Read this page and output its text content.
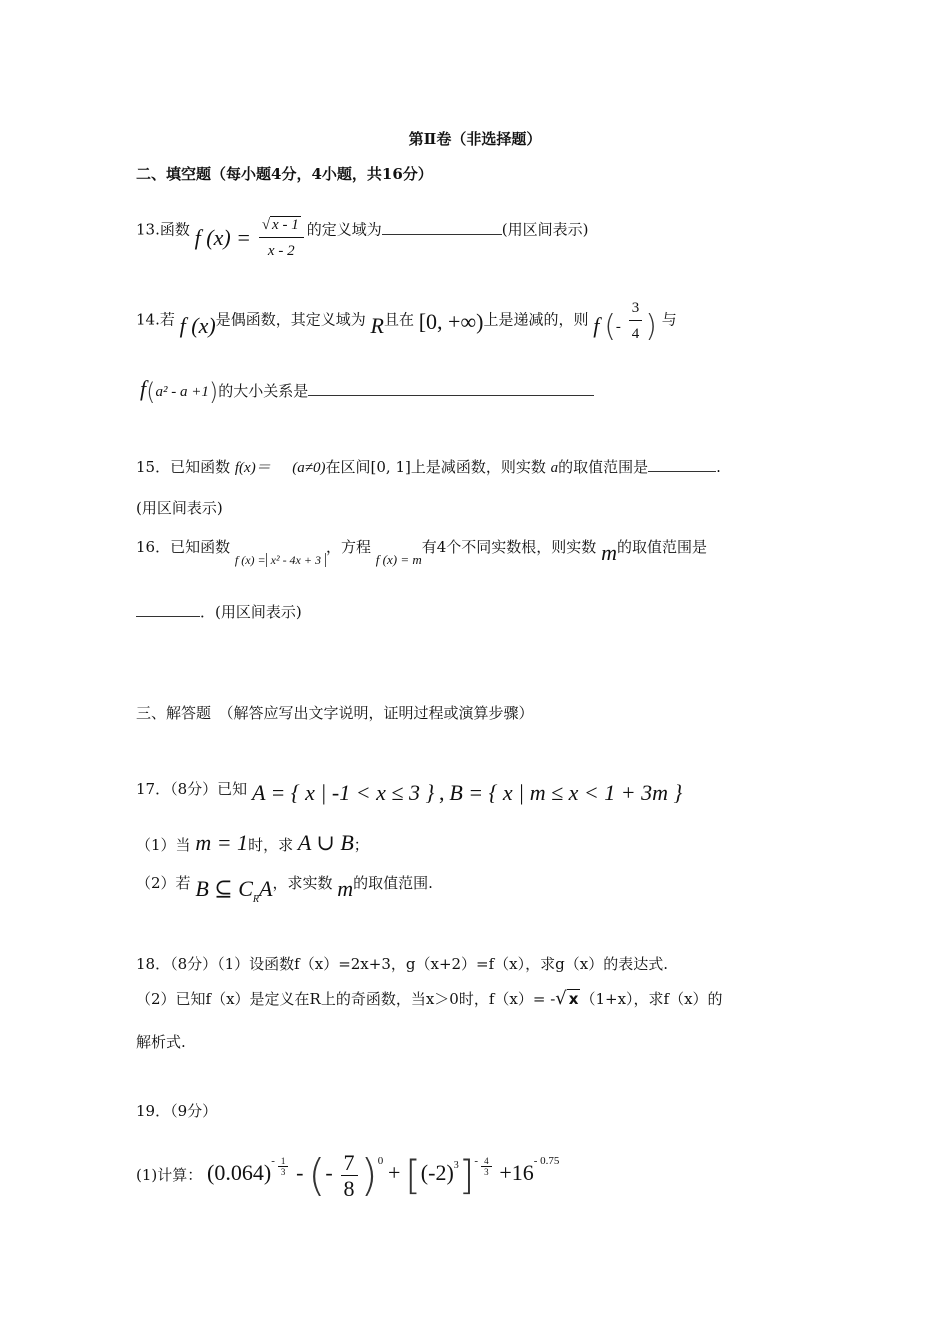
第Ⅱ卷（非选择题）
二、填空题（每小题4分，4小题，共16分）
13.函数 f $(x) = \frac{√ x - 1}{x - 2}$ 的定义域为	(用区间表示)
14.若 f (x)是偶函数，其定义域为 R且在 [0, +∞)上是递减的，则 f (- $\frac{3}{4}$ ) 与
f(a² - a +1)的大小关系是
15．已知函数 f(x)＝ (a≠0)在区间[0, 1]上是减函数，则实数 a的取值范围是	.
(用区间表示)
16．已知函数 $_{f (x) =}$ $_{x^2 - 4x + 3}$，方程 f (x) = m有4个不同实数根，则实数 m的取值范围是
．(用区间表示)
三、解答题　（解答应写出文字说明，证明过程或演算步骤）
17．（8分）已知 A = { x | -1 < x ≤ 3 } , B = { x | m ≤ x < 1 + 3m }
（1）当 m = 1时，求 A ∪ B；
（2）若 B ⊆ $C_RA$，求实数 m的取值范围.
18．（8分）（1）设函数f（x）=2x+3，g（x+2）=f（x），求g（x）的表达式.
（2）已知f（x）是定义在R上的奇函数，当x＞0时，f（x）= -√ x （1+x），求f（x）的
解析式.
19．（9分）
(1)计算： $(0.064)^{- \frac{1}{3}}$ - (- $\frac{7}{8} )^0 + [(-2)^3]^{- \frac{4}{3}} +16^{- 0.75}$
